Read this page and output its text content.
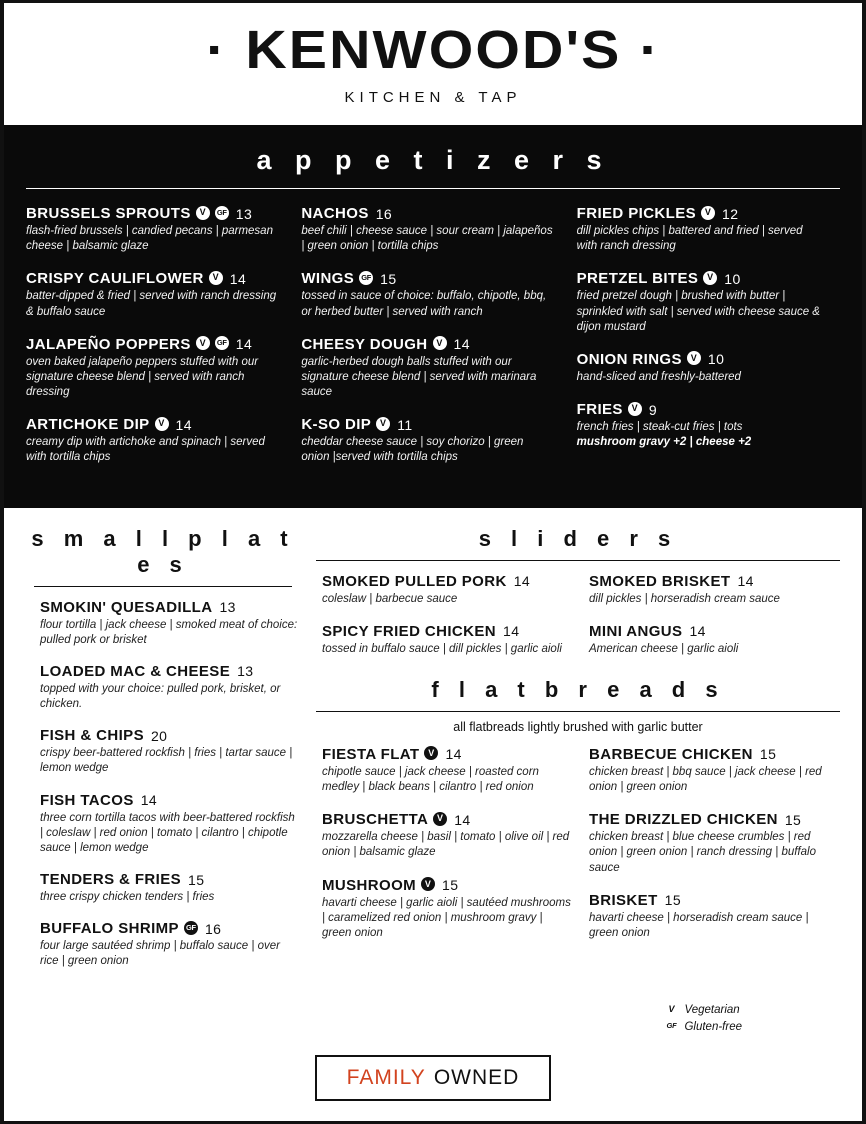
· KENWOOD'S ·
KITCHEN & TAP
a p p e t i z e r s
BRUSSELS SPROUTS V	GF 13
flash-fried brussels | candied pecans | parmesan cheese | balsamic glaze
CRISPY CAULIFLOWER V 14
batter-dipped & fried | served with ranch dressing & buffalo sauce
JALAPEÑO POPPERS V	GF 14
oven baked jalapeño peppers stuffed with our signature cheese blend | served with ranch dressing
ARTICHOKE DIP V 14
creamy dip with artichoke and spinach | served with tortilla chips
NACHOS 16
beef chili | cheese sauce | sour cream | jalapeños | green onion | tortilla chips
WINGS GF 15
tossed in sauce of choice: buffalo, chipotle, bbq, or herbed butter | served with ranch
CHEESY DOUGH V 14
garlic-herbed dough balls stuffed with our signature cheese blend | served with marinara sauce
K-SO DIP V 11
cheddar cheese sauce | soy chorizo | green onion |served with tortilla chips
FRIED PICKLES V 12
dill pickles chips | battered and fried | served with ranch dressing
PRETZEL BITES V 10
fried pretzel dough | brushed with butter | sprinkled with salt | served with cheese sauce & dijon mustard
ONION RINGS V 10
hand-sliced and freshly-battered
FRIES V 9
french fries | steak-cut fries | tots
mushroom gravy +2 | cheese +2
s m a l l p l a t e s
SMOKIN' QUESADILLA 13
flour tortilla | jack cheese | smoked meat of choice: pulled pork or brisket
LOADED MAC & CHEESE 13
topped with your choice: pulled pork, brisket, or chicken.
FISH & CHIPS 20
crispy beer-battered rockfish | fries | tartar sauce | lemon wedge
FISH TACOS 14
three corn tortilla tacos with beer-battered rockfish | coleslaw | red onion | tomato | cilantro | chipotle sauce | lemon wedge
TENDERS & FRIES 15
three crispy chicken tenders | fries
BUFFALO SHRIMP GF 16
four large sautéed shrimp | buffalo sauce | over rice | green onion
s l i d e r s
SMOKED PULLED PORK 14
coleslaw | barbecue sauce
SPICY FRIED CHICKEN 14
tossed in buffalo sauce | dill pickles | garlic aioli
SMOKED BRISKET 14
dill pickles | horseradish cream sauce
MINI ANGUS 14
American cheese | garlic aioli
f l a t b r e a d s
all flatbreads lightly brushed with garlic butter
FIESTA FLAT V 14
chipotle sauce | jack cheese | roasted corn medley | black beans | cilantro | red onion
BRUSCHETTA V 14
mozzarella cheese | basil | tomato | olive oil | red onion | balsamic glaze
MUSHROOM V 15
havarti cheese | garlic aioli | sautéed mushrooms | caramelized red onion | mushroom gravy | green onion
BARBECUE CHICKEN 15
chicken breast | bbq sauce | jack cheese | red onion | green onion
THE DRIZZLED CHICKEN 15
chicken breast | blue cheese crumbles | red onion | green onion | ranch dressing | buffalo sauce
BRISKET 15
havarti cheese | horseradish cream sauce | green onion
V Vegetarian
GF Gluten-free
FAMILY OWNED
